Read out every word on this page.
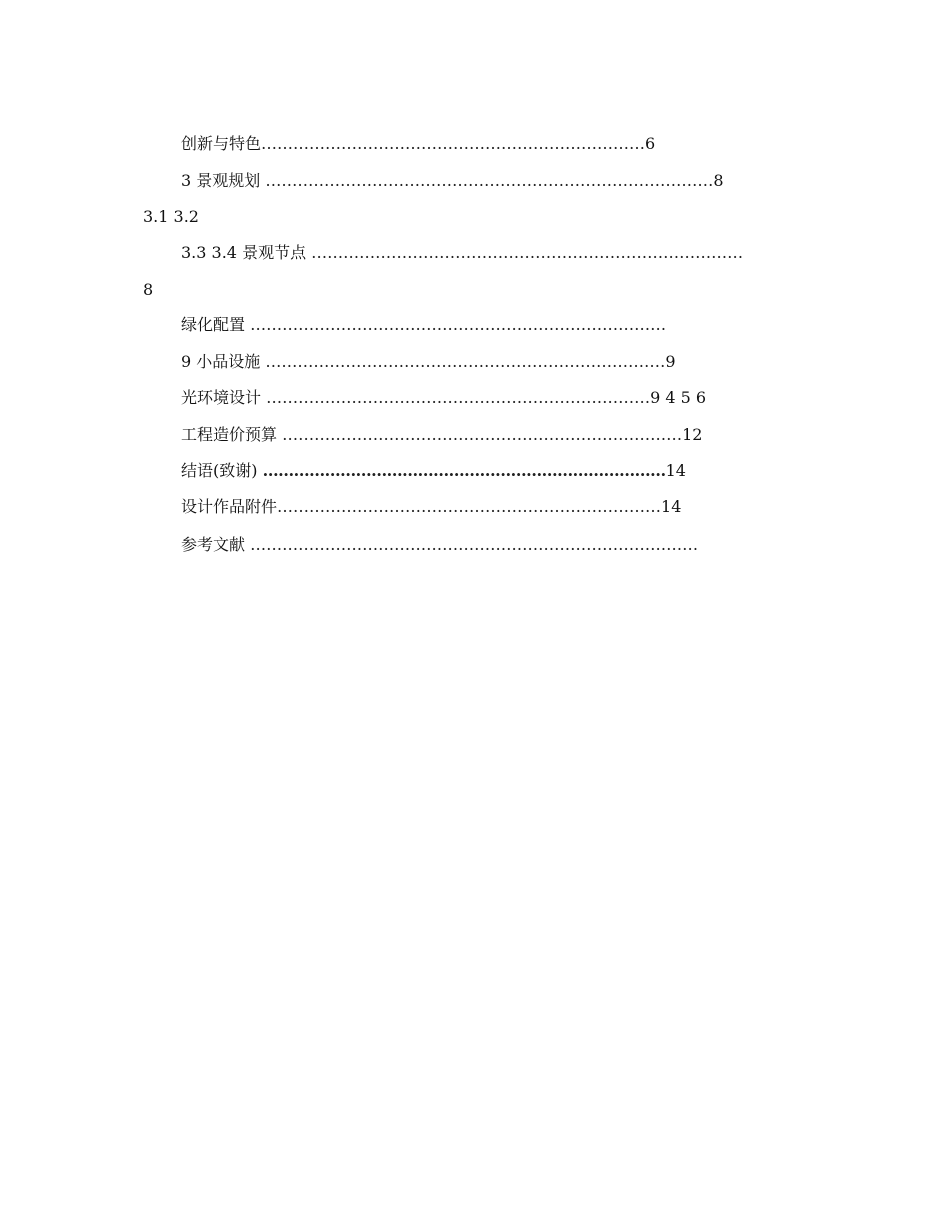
创新与特色………………………………………………………………6
3 景观规划 …………………………………………………………………………8
3.1 3.2
3.3 3.4 景观节点 ………………………………………………………………………
8
绿化配置 ……………………………………………………………………
9 小品设施 …………………………………………………………………9
光环境设计 ………………………………………………………………9 4 5 6
工程造价预算 …………………………………………………………………12
结语(致谢) ……………………………………………………………………14
设计作品附件………………………………………………………………14
参考文献 …………………………………………………………………………
